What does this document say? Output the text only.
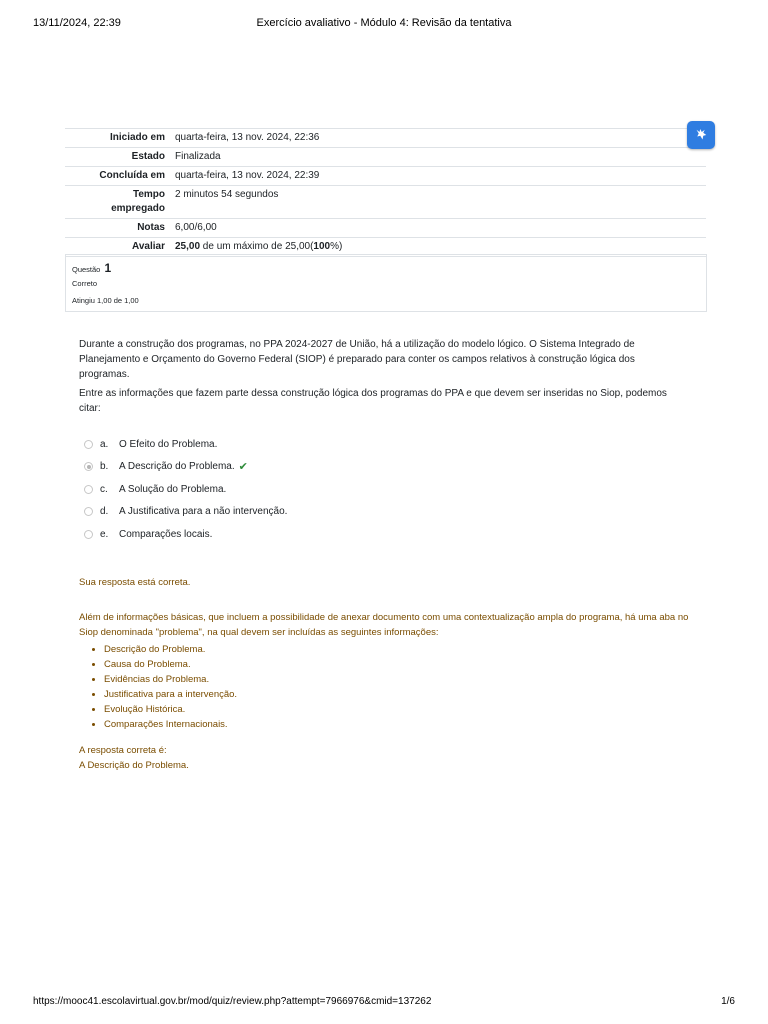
13/11/2024, 22:39	Exercício avaliativo - Módulo 4: Revisão da tentativa
Iniciado em	quarta-feira, 13 nov. 2024, 22:36
Estado	Finalizada
Concluída em	quarta-feira, 13 nov. 2024, 22:39
Tempo
empregado	2 minutos 54 segundos
Notas	6,00/6,00
Avaliar	25,00 de um máximo de 25,00(100%)
Questão 1
Correto
Atingiu 1,00 de 1,00

Durante a construção dos programas, no PPA 2024-2027 de União, há a utilização do modelo lógico. O Sistema Integrado de Planejamento e Orçamento do Governo Federal (SIOP) é preparado para conter os campos relativos à construção lógica dos programas.

Entre as informações que fazem parte dessa construção lógica dos programas do PPA e que devem ser inseridas no Siop, podemos citar:

a.	O Efeito do Problema.
b.	A Descrição do Problema. ✔
c.	A Solução do Problema.
d.	A Justificativa para a não intervenção.
e.	Comparações locais.

Sua resposta está correta.

Além de informações básicas, que incluem a possibilidade de anexar documento com uma contextualização ampla do programa, há uma aba no Siop denominada "problema", na qual devem ser incluídas as seguintes informações:

• Descrição do Problema.
• Causa do Problema.
• Evidências do Problema.
• Justificativa para a intervenção.
• Evolução Histórica.
• Comparações Internacionais.

A resposta correta é:
A Descrição do Problema.

https://mooc41.escolavirtual.gov.br/mod/quiz/review.php?attempt=7966976&cmid=137262	1/6
